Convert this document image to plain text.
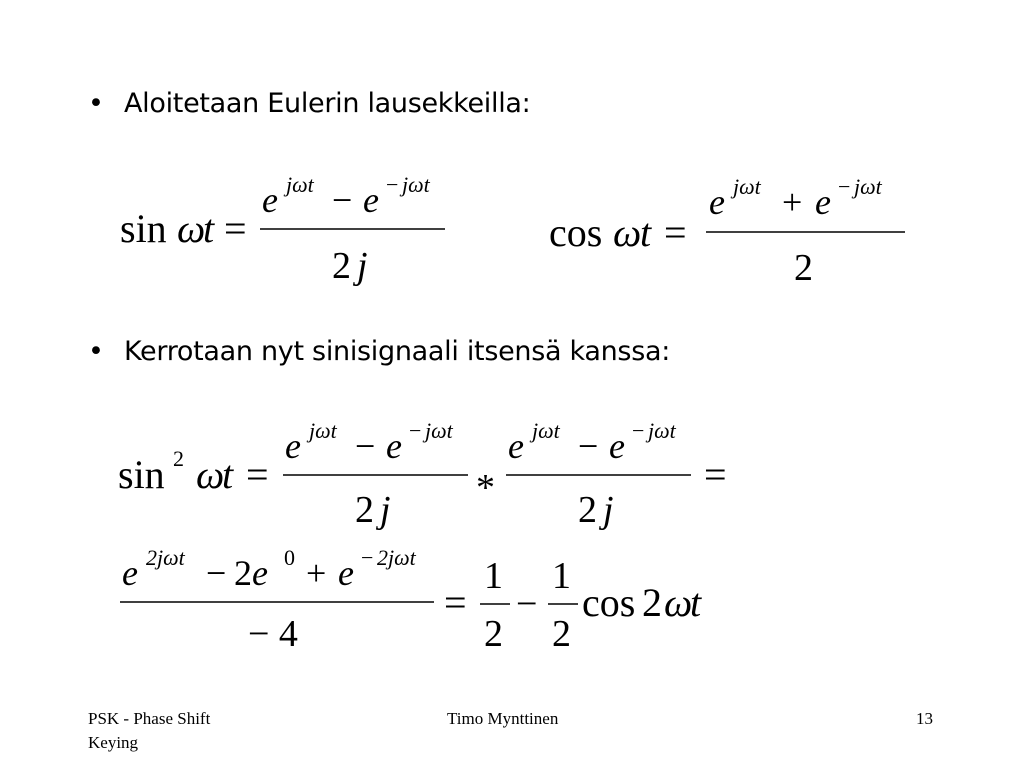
• Aloitetaan Eulerin lausekkeilla:
• Kerrotaan nyt sinisignaali itsensä kanssa:
sin ω
t =
e jωt − e − jωt
2 j
cos ω
t =
e jωt + e − jωt
2
sin 2 ω
t =
e jωt − e − jωt
2 j
*
e jωt − e − jωt
2 j
=
e 2jωt − 2 e 0 + e − 2jωt
− 4
=
1
2
−
1
2
cos 2 ω
t
PSK - Phase Shift Keying
Timo Mynttinen	13
